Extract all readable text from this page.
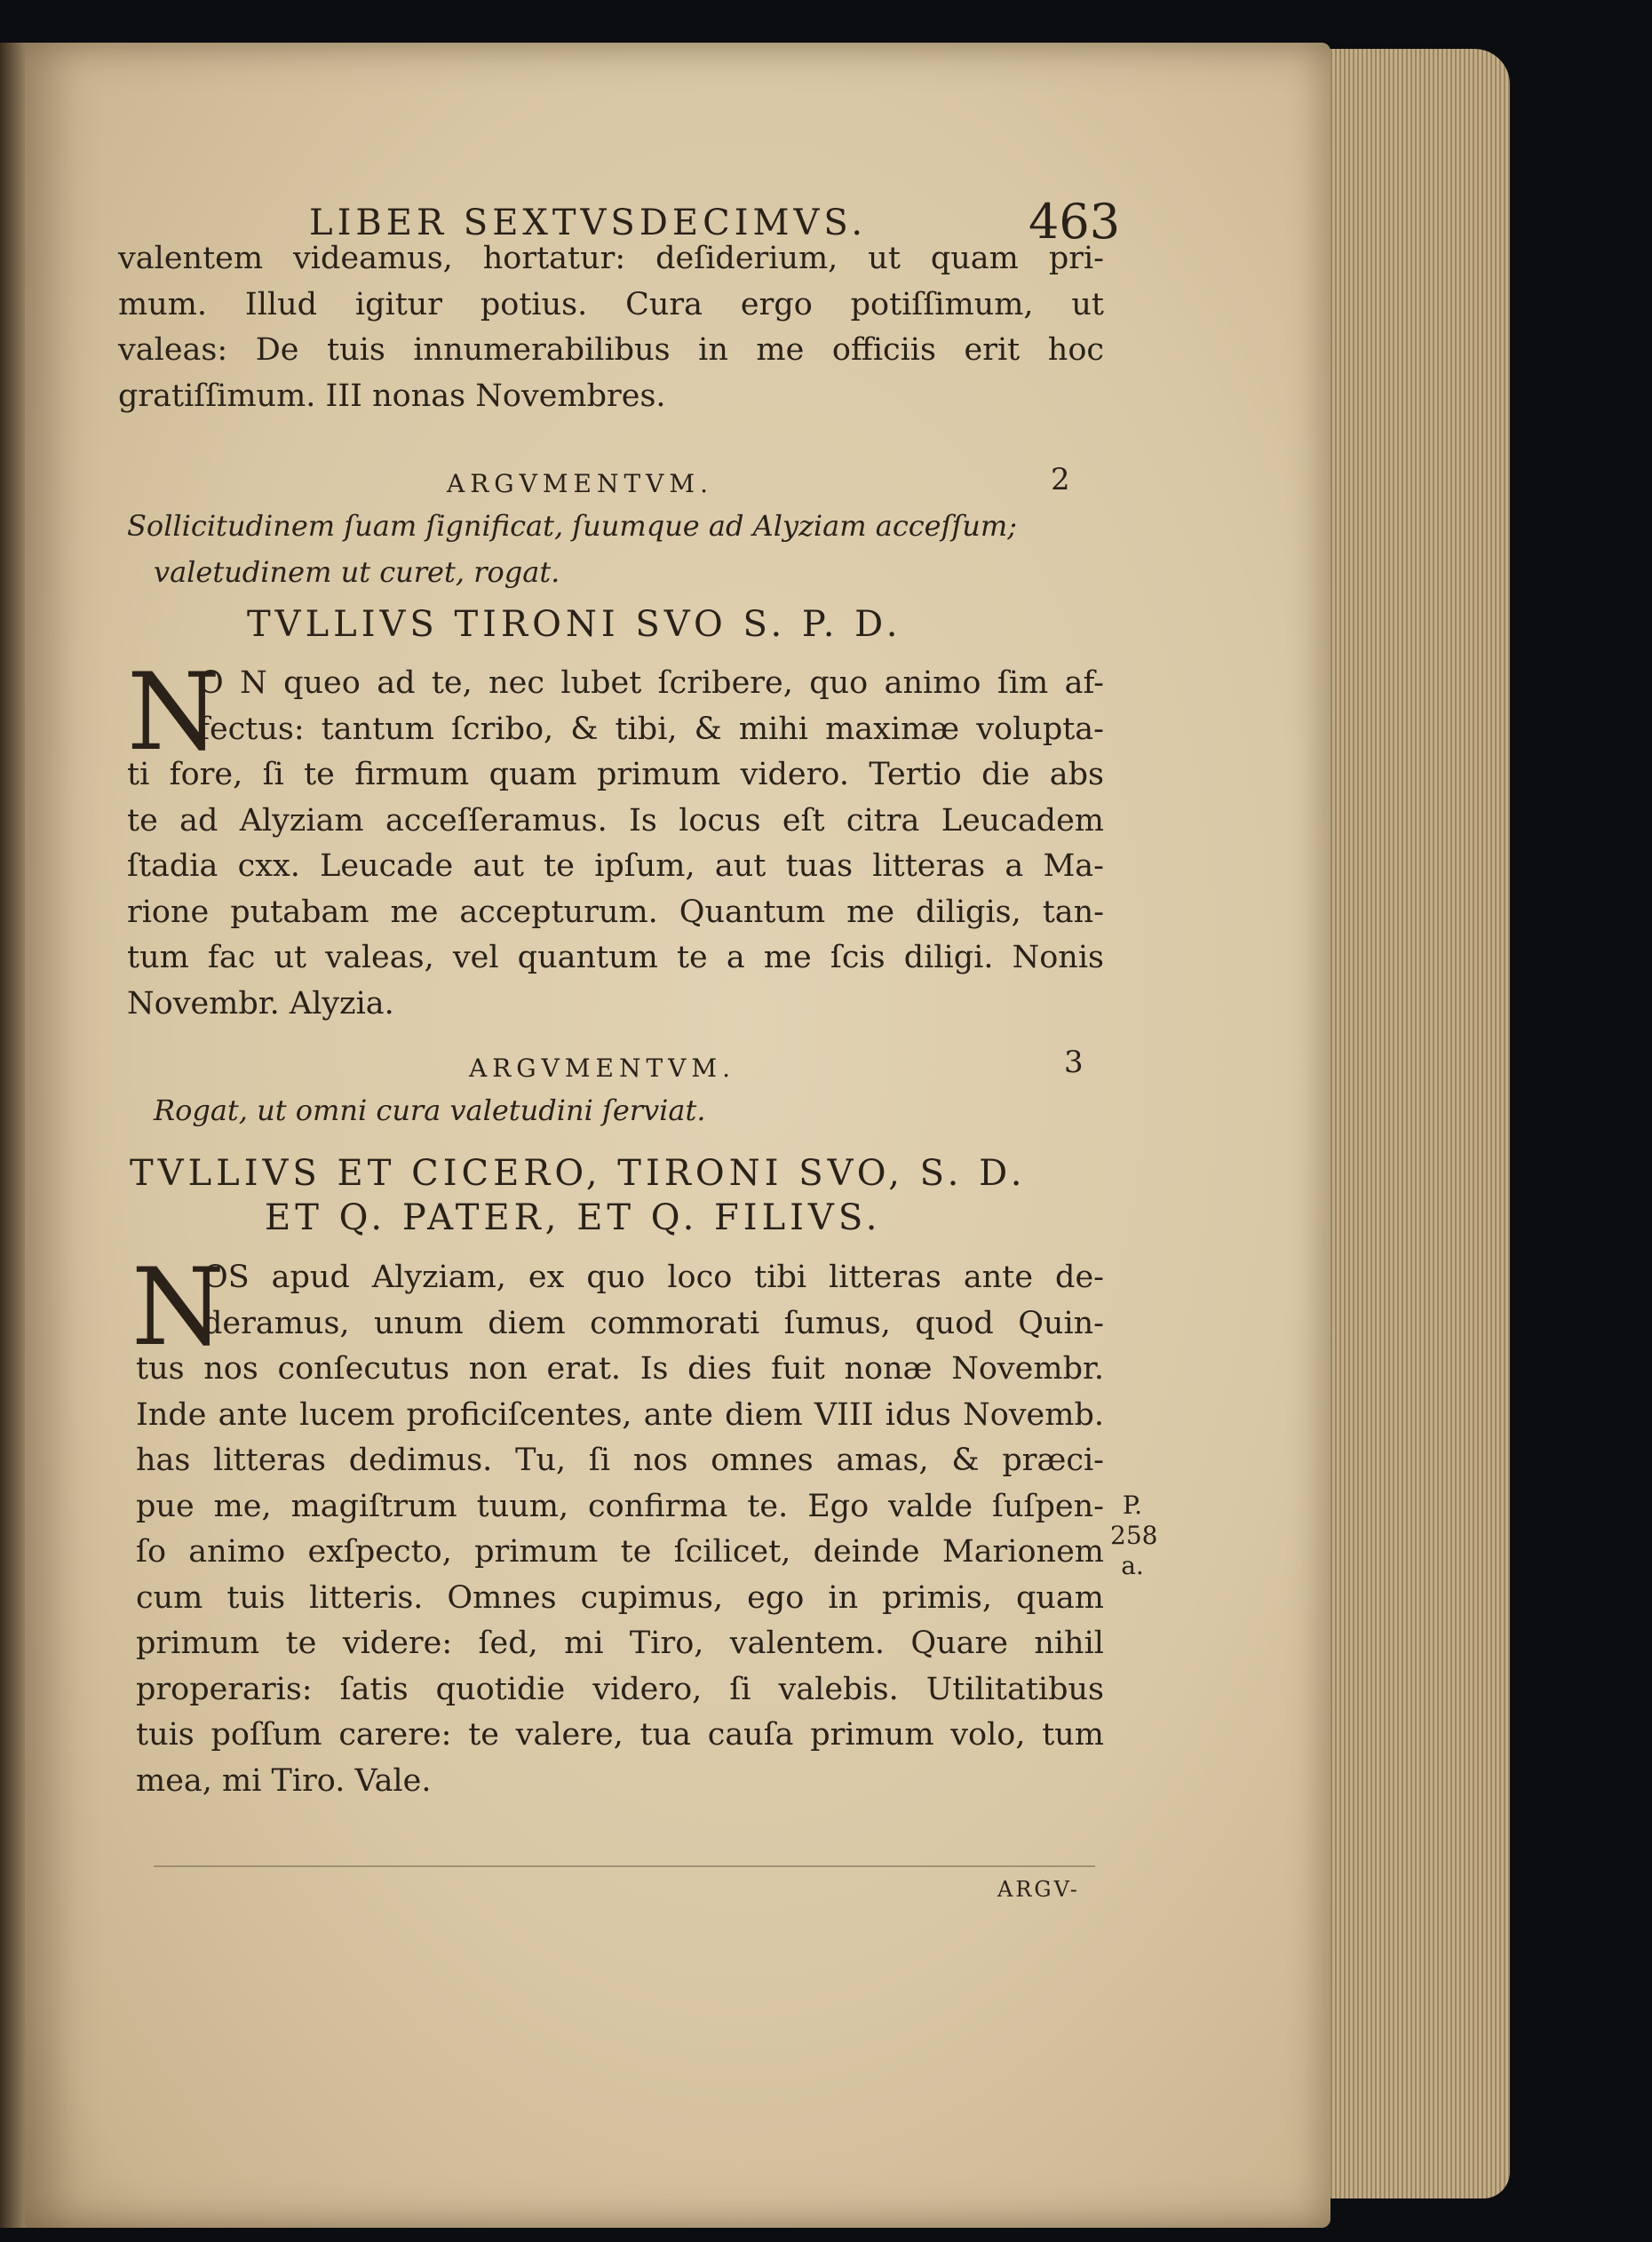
LIBER SEXTVSDECIMVS.	463
valentem videamus, hortatur: deſiderium, ut quam pri-
mum. Illud igitur potius. Cura ergo potiſſimum, ut
valeas: De tuis innumerabilibus in me officiis erit hoc
gratiſſimum. III nonas Novembres.
ARGVMENTVM.	2
Sollicitudinem ſuam ſignificat, ſuumque ad Alyziam acceſſum;
valetudinem ut curet, rogat.
TVLLIVS TIRONI SVO S. P. D.
N
O N queo ad te, nec lubet ſcribere, quo animo ſim af-
fectus: tantum ſcribo, & tibi, & mihi maximæ volupta-
ti fore, ſi te firmum quam primum videro. Tertio die abs
te ad Alyziam acceſſeramus. Is locus eſt citra Leucadem
ſtadia cxx. Leucade aut te ipſum, aut tuas litteras a Ma-
rione putabam me accepturum. Quantum me diligis, tan-
tum fac ut valeas, vel quantum te a me ſcis diligi. Nonis
Novembr. Alyzia.
ARGVMENTVM.	3
Rogat, ut omni cura valetudini ſerviat.
TVLLIVS ET CICERO, TIRONI SVO, S. D.
ET Q. PATER, ET Q. FILIVS.
N
OS apud Alyziam, ex quo loco tibi litteras ante de-
deramus, unum diem commorati ſumus, quod Quin-
tus nos conſecutus non erat. Is dies fuit nonæ Novembr.
Inde ante lucem proficiſcentes, ante diem VIII idus Novemb.
has litteras dedimus. Tu, ſi nos omnes amas, & præci-
pue me, magiſtrum tuum, confirma te. Ego valde ſuſpen-
ſo animo exſpecto, primum te ſcilicet, deinde Marionem
cum tuis litteris. Omnes cupimus, ego in primis, quam
primum te videre: ſed, mi Tiro, valentem. Quare nihil
properaris: ſatis quotidie videro, ſi valebis. Utilitatibus
tuis poſſum carere: te valere, tua cauſa primum volo, tum
mea, mi Tiro. Vale.
P.
258
a.
ARGV-
